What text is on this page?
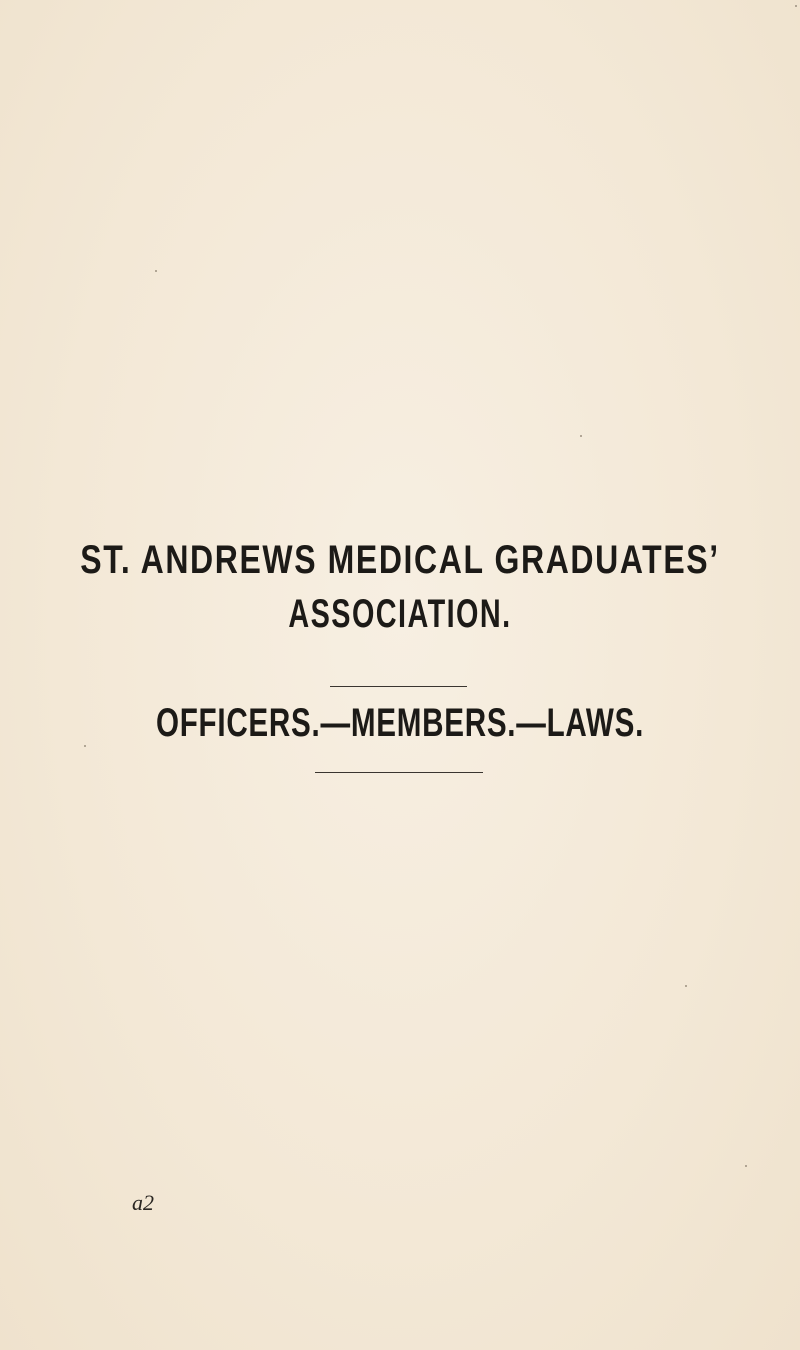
ST. ANDREWS MEDICAL GRADUATES’
ASSOCIATION.
OFFICERS.—MEMBERS.—LAWS.
a2
